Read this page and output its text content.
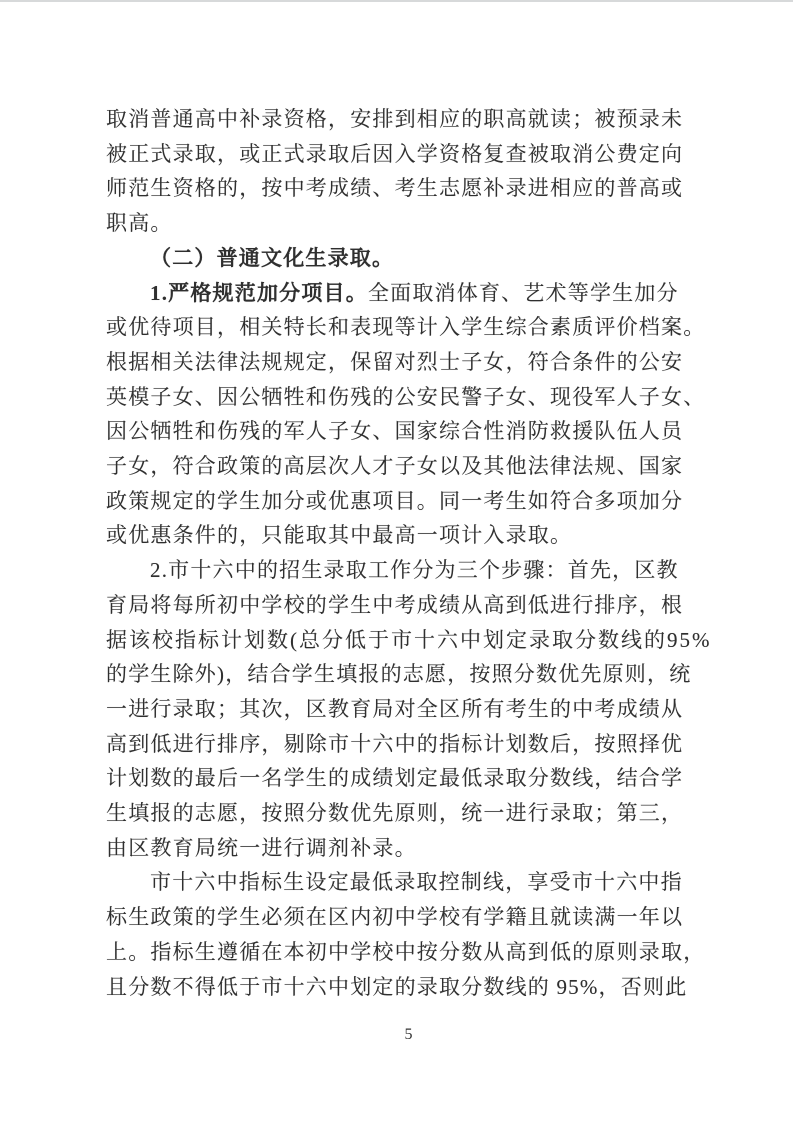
取消普通高中补录资格，安排到相应的职高就读；被预录未
被正式录取，或正式录取后因入学资格复查被取消公费定向
师范生资格的，按中考成绩、考生志愿补录进相应的普高或
职高。
（二）普通文化生录取。
1.严格规范加分项目。全面取消体育、艺术等学生加分
或优待项目，相关特长和表现等计入学生综合素质评价档案。
根据相关法律法规规定，保留对烈士子女，符合条件的公安
英模子女、因公牺牲和伤残的公安民警子女、现役军人子女、
因公牺牲和伤残的军人子女、国家综合性消防救援队伍人员
子女，符合政策的高层次人才子女以及其他法律法规、国家
政策规定的学生加分或优惠项目。同一考生如符合多项加分
或优惠条件的，只能取其中最高一项计入录取。
2.市十六中的招生录取工作分为三个步骤：首先，区教
育局将每所初中学校的学生中考成绩从高到低进行排序，根
据该校指标计划数(总分低于市十六中划定录取分数线的95%
的学生除外)，结合学生填报的志愿，按照分数优先原则，统
一进行录取；其次，区教育局对全区所有考生的中考成绩从
高到低进行排序，剔除市十六中的指标计划数后，按照择优
计划数的最后一名学生的成绩划定最低录取分数线，结合学
生填报的志愿，按照分数优先原则，统一进行录取；第三，
由区教育局统一进行调剂补录。
市十六中指标生设定最低录取控制线，享受市十六中指
标生政策的学生必须在区内初中学校有学籍且就读满一年以
上。指标生遵循在本初中学校中按分数从高到低的原则录取，
且分数不得低于市十六中划定的录取分数线的 95%，否则此
5
